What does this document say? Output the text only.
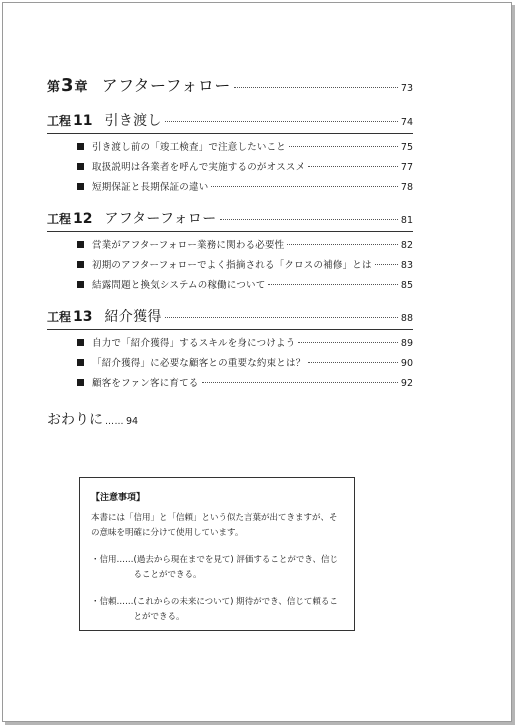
第 3 章 アフターフォロー	73
工程 11 引き渡し	74
引き渡し前の「竣工検査」で注意したいこと	75
取扱説明は各業者を呼んで実施するのがオススメ	77
短期保証と長期保証の違い	78
工程 12 アフターフォロー	81
営業がアフターフォロー業務に関わる必要性	82
初期のアフターフォローでよく指摘される「クロスの補修」とは	83
結露問題と換気システムの稼働について	85
工程 13 紹介獲得	88
自力で「紹介獲得」するスキルを身につけよう	89
「紹介獲得」に必要な顧客との重要な約束とは？	90
顧客をファン客に育てる	92
おわりに …… 94
【注意事項】
本書には「信用」と「信頼」という似た言葉が出てきますが、その意味を明確に分けて使用しています。
・信用…… (過去から現在までを見て) 評価することができ、信じることができる。
・信頼…… (これからの未来について) 期待ができ、信じて頼ることができる。
